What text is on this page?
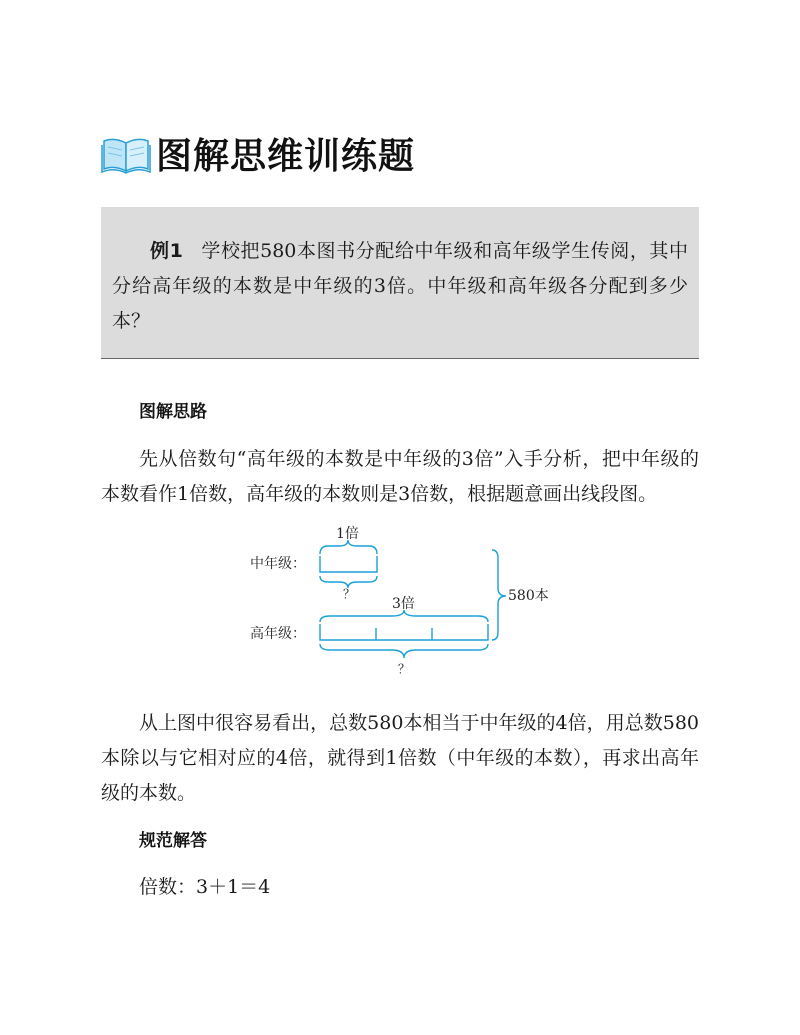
图解思维训练题

例1 学校把580本图书分配给中年级和高年级学生传阅，其中分给高年级的本数是中年级的3倍。中年级和高年级各分配到多少本？

图解思路

先从倍数句“高年级的本数是中年级的3倍”入手分析，把中年级的本数看作1倍数，高年级的本数则是3倍数，根据题意画出线段图。

中年级：
1倍
？
高年级：
3倍
？
580本

从上图中很容易看出，总数580本相当于中年级的4倍，用总数580本除以与它相对应的4倍，就得到1倍数（中年级的本数），再求出高年级的本数。

规范解答
倍数：3＋1＝4
